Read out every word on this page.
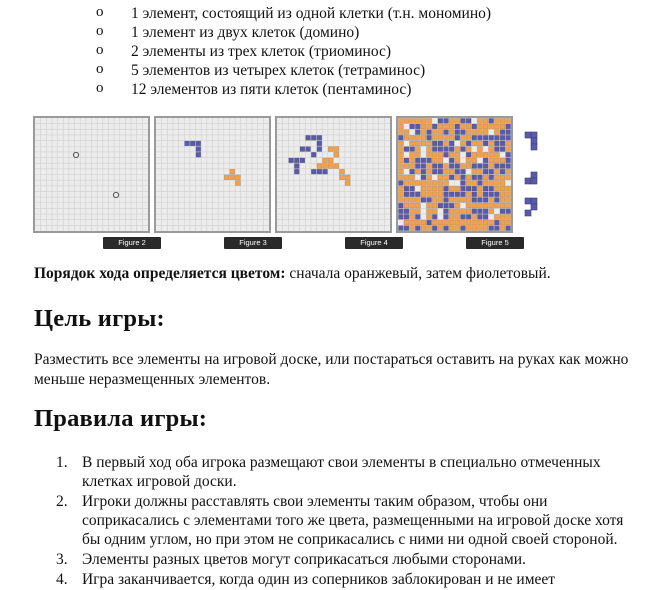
o 1 элемент, состоящий из одной клетки (т.н. мономино)
o 1 элемент из двух клеток (домино)
o 2 элементы из трех клеток (триоминос)
o 5 элементов из четырех клеток (тетраминос)
o 12 элементов из пяти клеток (пентаминос)
Figure 2	Figure 3	Figure 4	Figure 5
Порядок хода определяется цветом: сначала оранжевый, затем фиолетовый.
Цель игры:
Разместить все элементы на игровой доске, или постараться оставить на руках как можно меньше неразмещенных элементов.
Правила игры:
1. В первый ход оба игрока размещают свои элементы в специально отмеченных клетках игровой доски.
2. Игроки должны расставлять свои элементы таким образом, чтобы они соприкасались с элементами того же цвета, размещенными на игровой доске хотя бы одним углом, но при этом не соприкасались с ними ни одной своей стороной.
3. Элементы разных цветов могут соприкасаться любыми сторонами.
4. Игра заканчивается, когда один из соперников заблокирован и не имеет
